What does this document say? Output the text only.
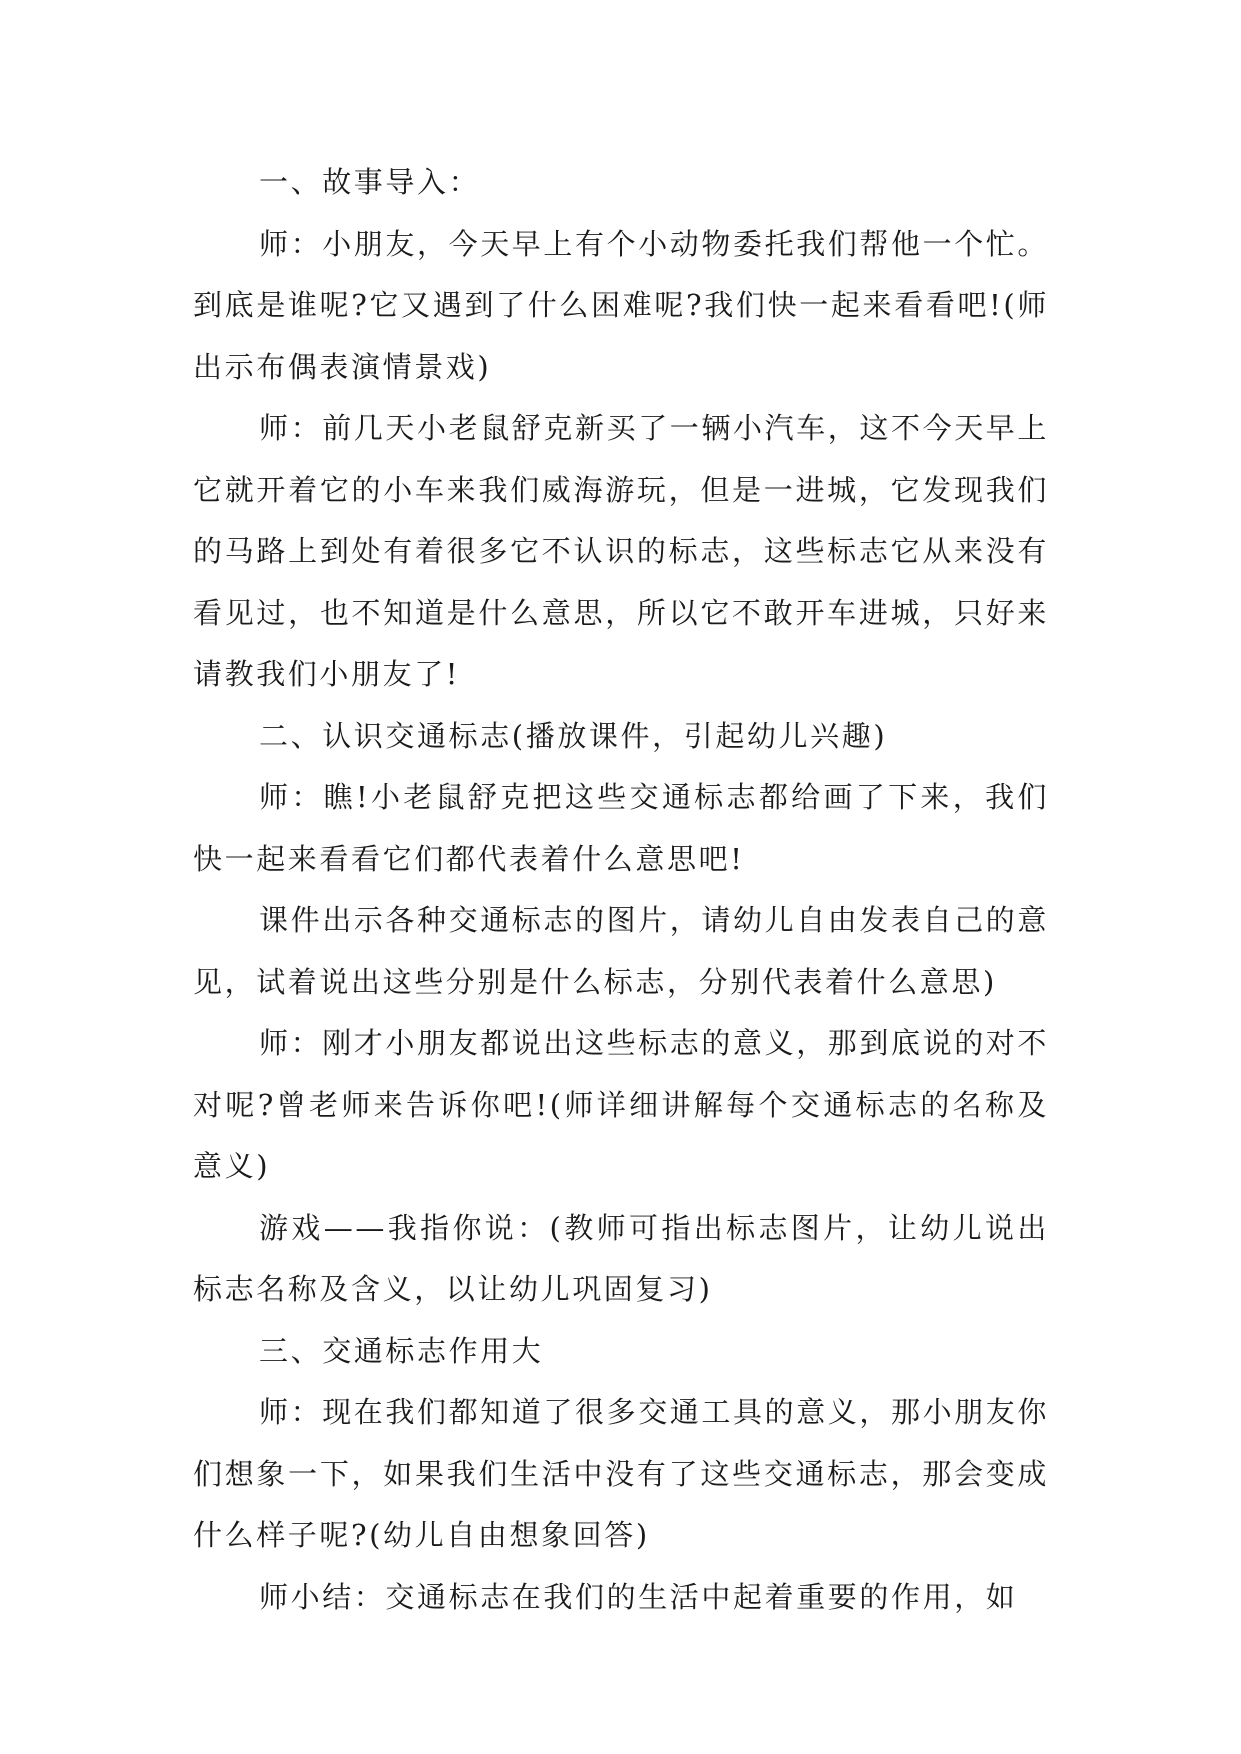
一、故事导入：

师：小朋友，今天早上有个小动物委托我们帮他一个忙。到底是谁呢?它又遇到了什么困难呢?我们快一起来看看吧!(师出示布偶表演情景戏)

师：前几天小老鼠舒克新买了一辆小汽车，这不今天早上它就开着它的小车来我们威海游玩，但是一进城，它发现我们的马路上到处有着很多它不认识的标志，这些标志它从来没有看见过，也不知道是什么意思，所以它不敢开车进城，只好来请教我们小朋友了!

二、认识交通标志(播放课件，引起幼儿兴趣)

师：瞧!小老鼠舒克把这些交通标志都给画了下来，我们快一起来看看它们都代表着什么意思吧!

课件出示各种交通标志的图片，请幼儿自由发表自己的意见，试着说出这些分别是什么标志，分别代表着什么意思)

师：刚才小朋友都说出这些标志的意义，那到底说的对不对呢?曾老师来告诉你吧!(师详细讲解每个交通标志的名称及意义)

游戏——我指你说：(教师可指出标志图片，让幼儿说出标志名称及含义，以让幼儿巩固复习)

三、交通标志作用大

师：现在我们都知道了很多交通工具的意义，那小朋友你们想象一下，如果我们生活中没有了这些交通标志，那会变成什么样子呢?(幼儿自由想象回答)

师小结：交通标志在我们的生活中起着重要的作用，如
